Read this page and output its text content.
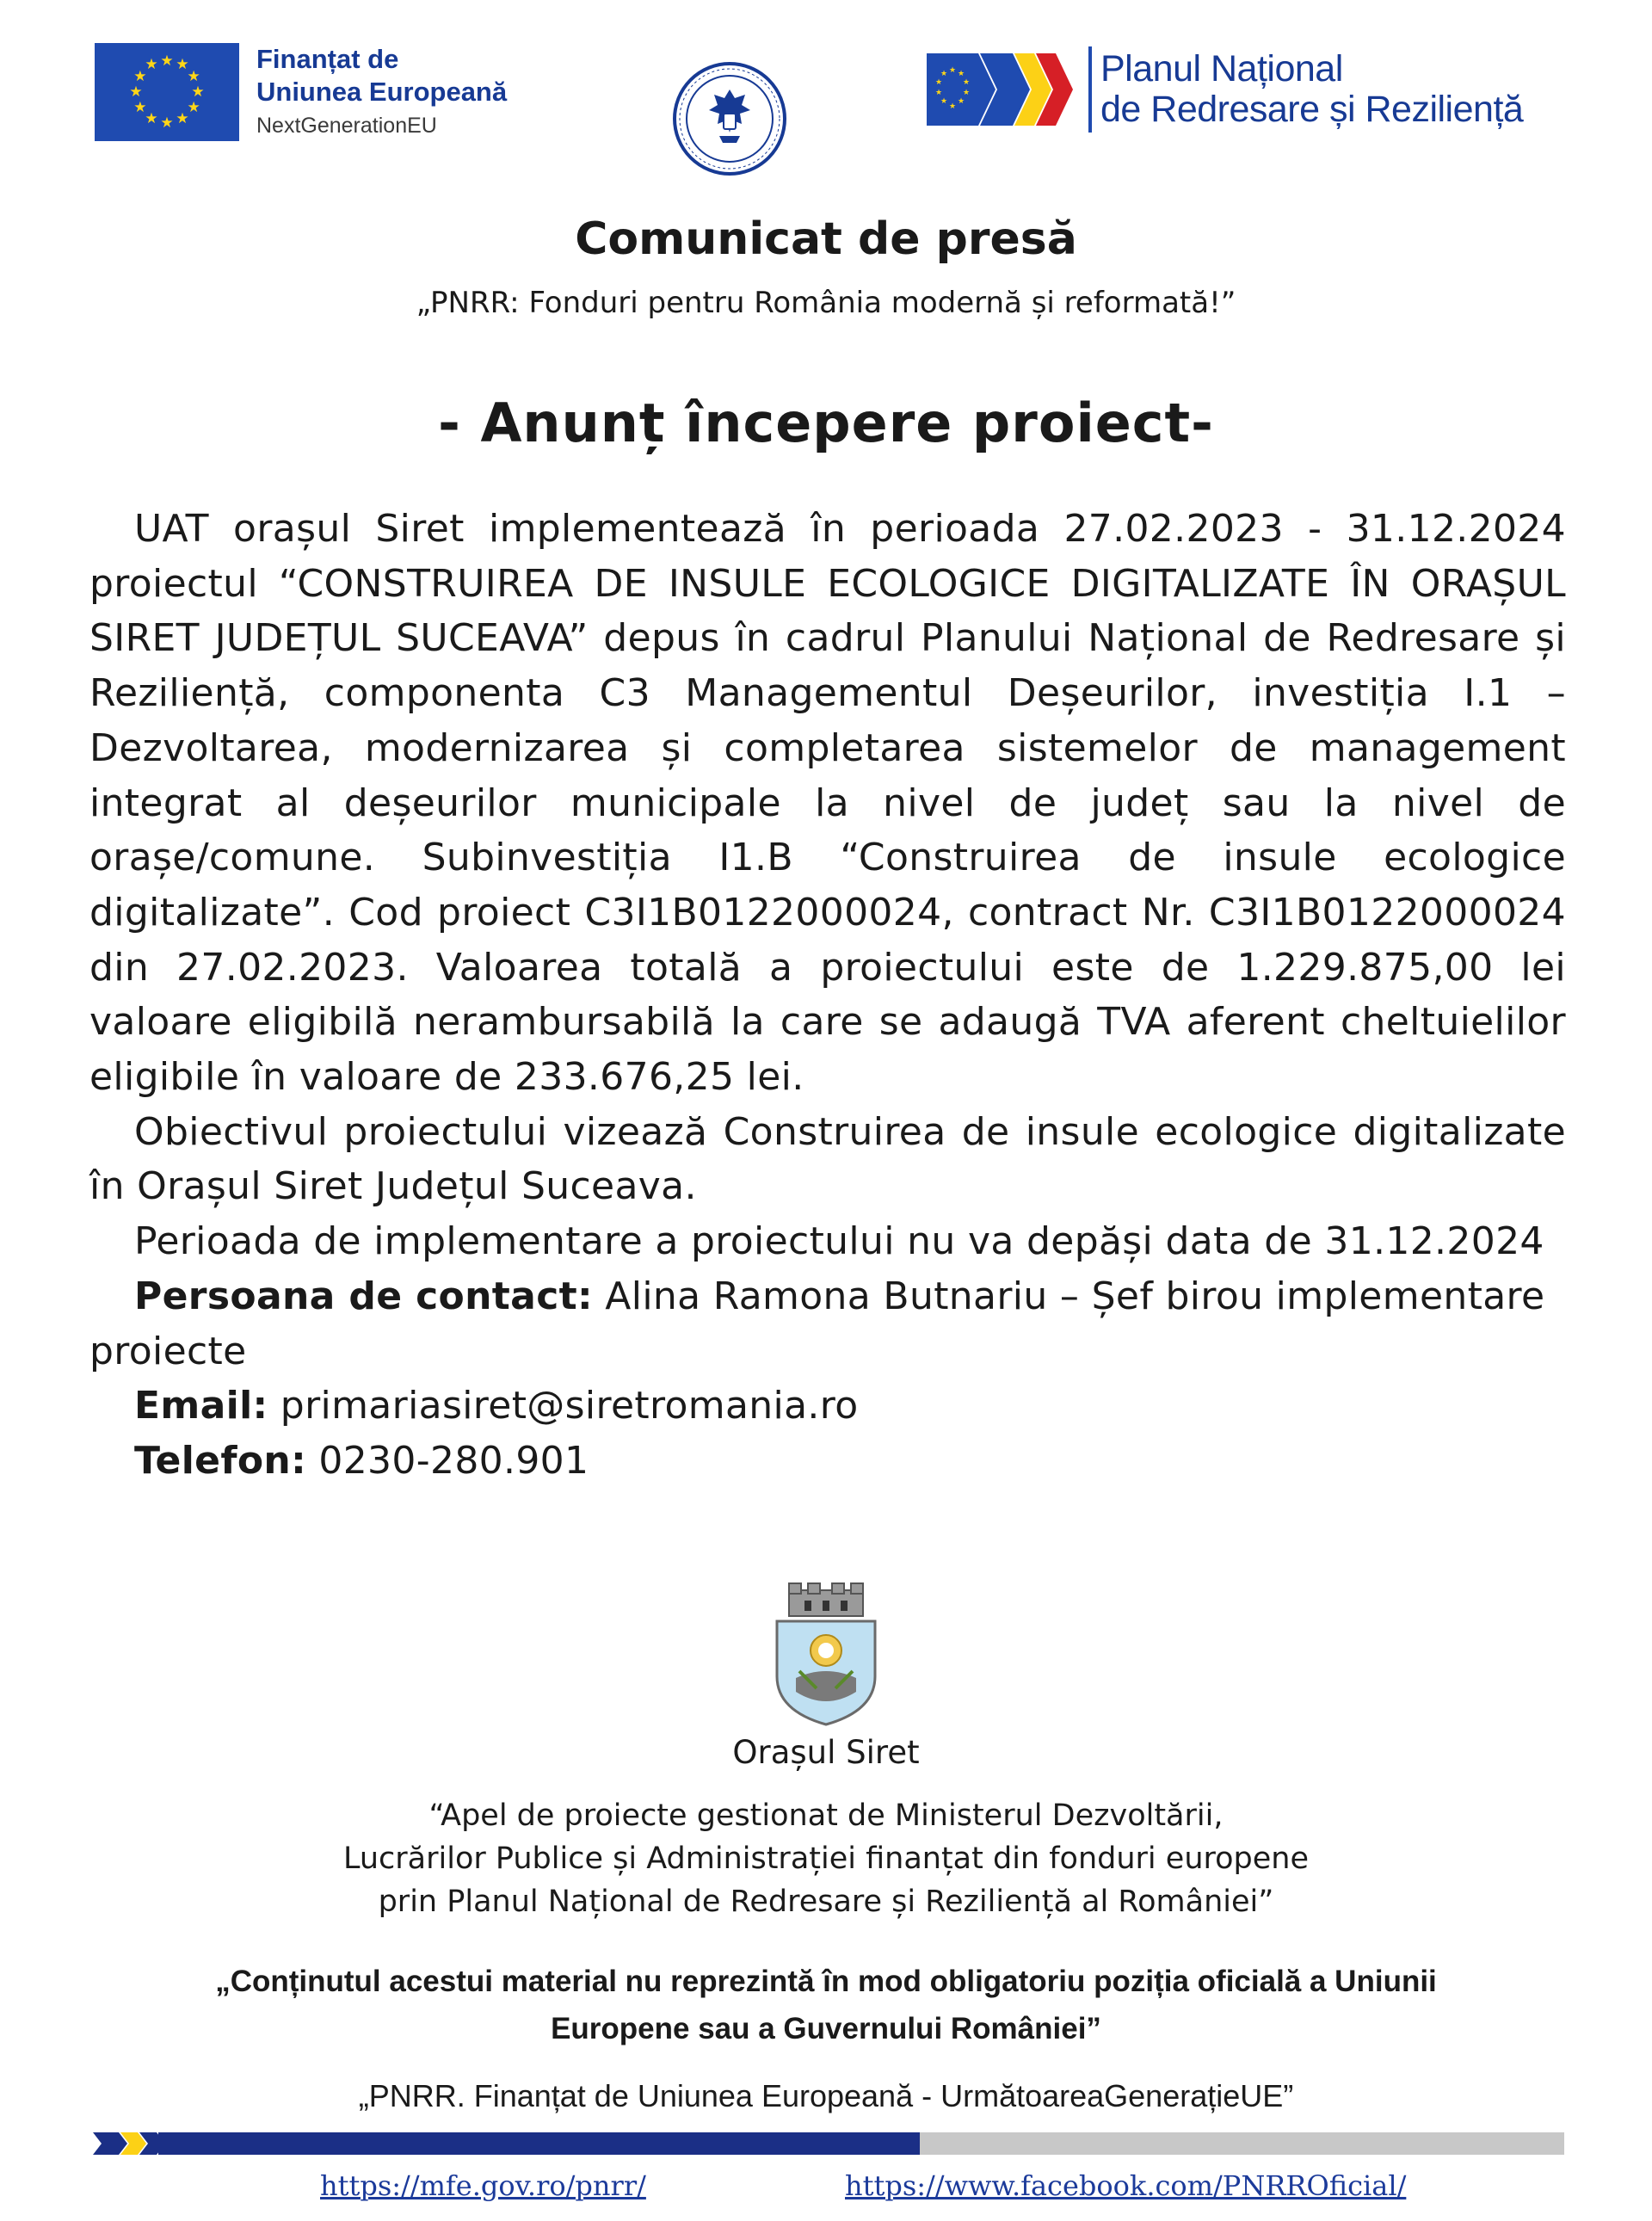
★ ★
★
★
★
★
★
★
★
★
★
★	Finanțat de
Uniunea Europeană
NextGenerationEU
★ ★
★
★
★
★
★
★
★
★	Planul Național
de Redresare și Reziliență
Comunicat de presă
„PNRR: Fonduri pentru România modernă și reformată!”
- Anunț începere proiect-

UAT orașul Siret implementează în perioada 27.02.2023 - 31.12.2024 proiectul “CONSTRUIREA DE INSULE ECOLOGICE DIGITALIZATE ÎN ORAȘUL SIRET JUDEȚUL SUCEAVA” depus în cadrul Planului Național de Redresare și Reziliență, componenta C3 Managementul Deșeurilor, investiția I.1 – Dezvoltarea, modernizarea și completarea sistemelor de management integrat al deșeurilor municipale la nivel de județ sau la nivel de orașe/comune. Subinvestiția I1.B “Construirea de insule ecologice digitalizate”. Cod proiect C3I1B0122000024, contract Nr. C3I1B0122000024 din 27.02.2023. Valoarea totală a proiectului este de 1.229.875,00 lei valoare eligibilă nerambursabilă la care se adaugă TVA aferent cheltuielilor eligibile în valoare de 233.676,25 lei.

Obiectivul proiectului vizează Construirea de insule ecologice digitalizate în Orașul Siret Județul Suceava.

Perioada de implementare a proiectului nu va depăși data de 31.12.2024

Persoana de contact: Alina Ramona Butnariu – Șef birou implementare proiecte

Email: primariasiret@siretromania.ro

Telefon: 0230-280.901

Orașul Siret
“Apel de proiecte gestionat de Ministerul Dezvoltării,
Lucrărilor Publice și Administrației finanțat din fonduri europene
prin Planul Național de Redresare și Reziliență al României”
„Conținutul acestui material nu reprezintă în mod obligatoriu poziția oficială a Uniunii
Europene sau a Guvernului României”
„PNRR. Finanțat de Uniunea Europeană - UrmătoareaGenerațieUE”
https://mfe.gov.ro/pnrr/	https://www.facebook.com/PNRROficial/
